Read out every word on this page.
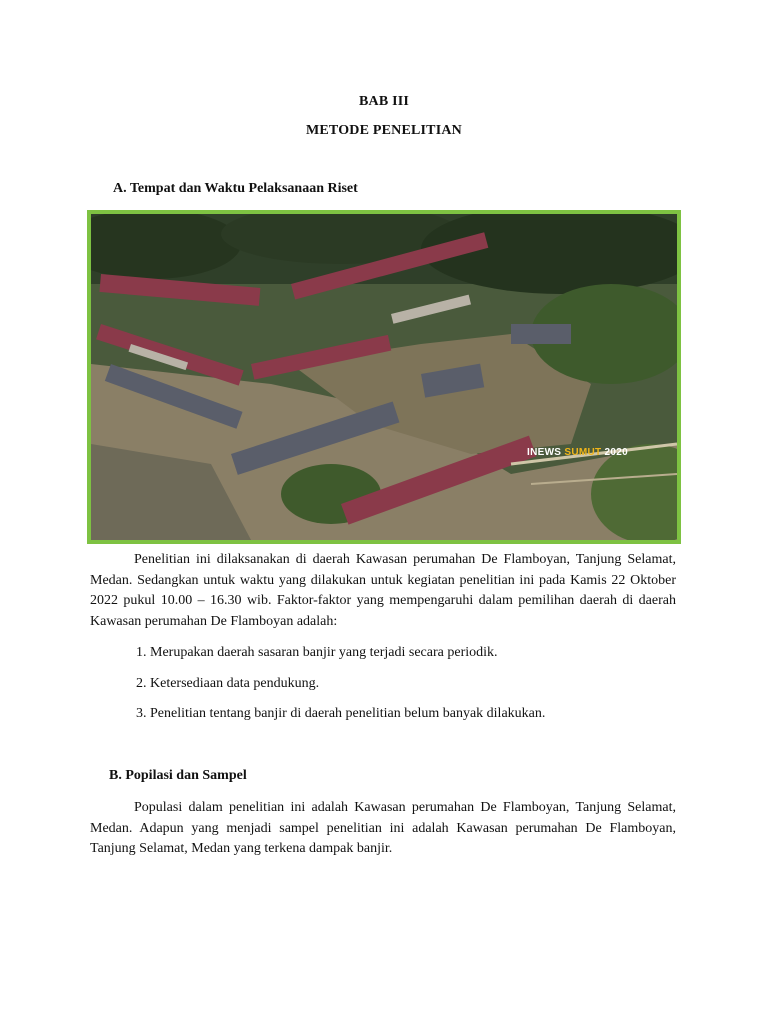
BAB III
METODE PENELITIAN
A. Tempat dan Waktu Pelaksanaan Riset
INEWS SUMUT 2020
Penelitian ini dilaksanakan di daerah Kawasan perumahan De Flamboyan, Tanjung Selamat, Medan. Sedangkan untuk waktu yang dilakukan untuk kegiatan penelitian ini pada Kamis 22 Oktober 2022 pukul 10.00 – 16.30 wib. Faktor-faktor yang mempengaruhi dalam pemilihan daerah di daerah Kawasan perumahan De Flamboyan adalah:
1. Merupakan daerah sasaran banjir yang terjadi secara periodik.
2. Ketersediaan data pendukung.
3. Penelitian tentang banjir di daerah penelitian belum banyak dilakukan.
B. Popilasi dan Sampel
Populasi dalam penelitian ini adalah Kawasan perumahan De Flamboyan, Tanjung Selamat, Medan. Adapun yang menjadi sampel penelitian ini adalah Kawasan perumahan De Flamboyan, Tanjung Selamat, Medan yang terkena dampak banjir.
